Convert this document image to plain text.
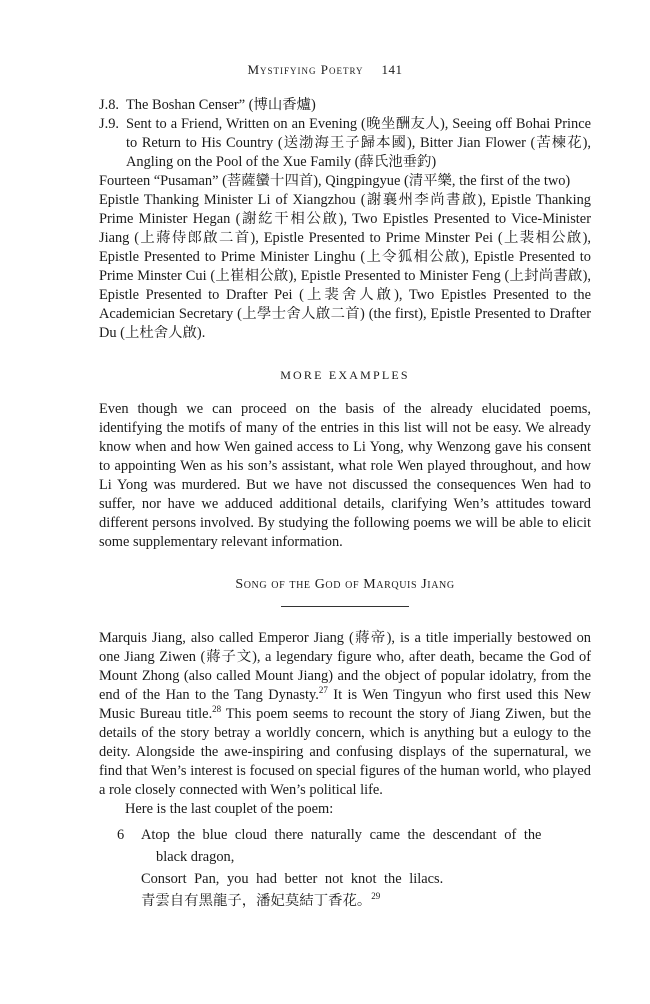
Mystifying Poetry 141

J.8. The Boshan Censer” (博山香爐)

J.9. Sent to a Friend, Written on an Evening (晚坐酬友人), Seeing off Bohai Prince to Return to His Country (送渤海王子歸本國), Bitter Jian Flower (苦楝花), Angling on the Pool of the Xue Family (薛氏池垂釣)

Fourteen “Pusaman” (菩薩蠻十四首), Qingpingyue (清平樂, the first of the two)

Epistle Thanking Minister Li of Xiangzhou (謝襄州李尚書啟), Epistle Thanking Prime Minister Hegan (謝紇干相公啟), Two Epistles Presented to Vice-Minister Jiang (上蔣侍郎啟二首), Epistle Presented to Prime Minster Pei (上裴相公啟), Epistle Presented to Prime Minister Linghu (上令狐相公啟), Epistle Presented to Prime Minster Cui (上崔相公啟), Epistle Presented to Minister Feng (上封尚書啟), Epistle Presented to Drafter Pei (上裴舍人啟), Two Epistles Presented to the Academician Secretary (上學士舍人啟二首) (the first), Epistle Presented to Drafter Du (上杜舍人啟).

MORE EXAMPLES

Even though we can proceed on the basis of the already elucidated poems, identifying the motifs of many of the entries in this list will not be easy. We already know when and how Wen gained access to Li Yong, why Wenzong gave his consent to appointing Wen as his son’s assistant, what role Wen played throughout, and how Li Yong was murdered. But we have not discussed the consequences Wen had to suffer, nor have we adduced additional details, clarifying Wen’s attitudes toward different persons involved. By studying the following poems we will be able to elicit some supplementary relevant information.

Song of the God of Marquis Jiang

Marquis Jiang, also called Emperor Jiang (蔣帝), is a title imperially bestowed on one Jiang Ziwen (蔣子文), a legendary figure who, after death, became the God of Mount Zhong (also called Mount Jiang) and the object of popular idolatry, from the end of the Han to the Tang Dynasty.$^{27}$ It is Wen Tingyun who first used this New Music Bureau title.$^{28}$ This poem seems to recount the story of Jiang Ziwen, but the details of the story betray a worldly concern, which is anything but a eulogy to the deity. Alongside the awe-inspiring and confusing displays of the supernatural, we find that Wen’s interest is focused on special figures of the human world, who played a role closely connected with Wen’s political life.

Here is the last couplet of the poem:

6 Atop the blue cloud there naturally came the descendant of the

black dragon,

Consort Pan, you had better not knot the lilacs.

青雲自有黑龍子，潘妃莫結丁香花。$^{29}$
